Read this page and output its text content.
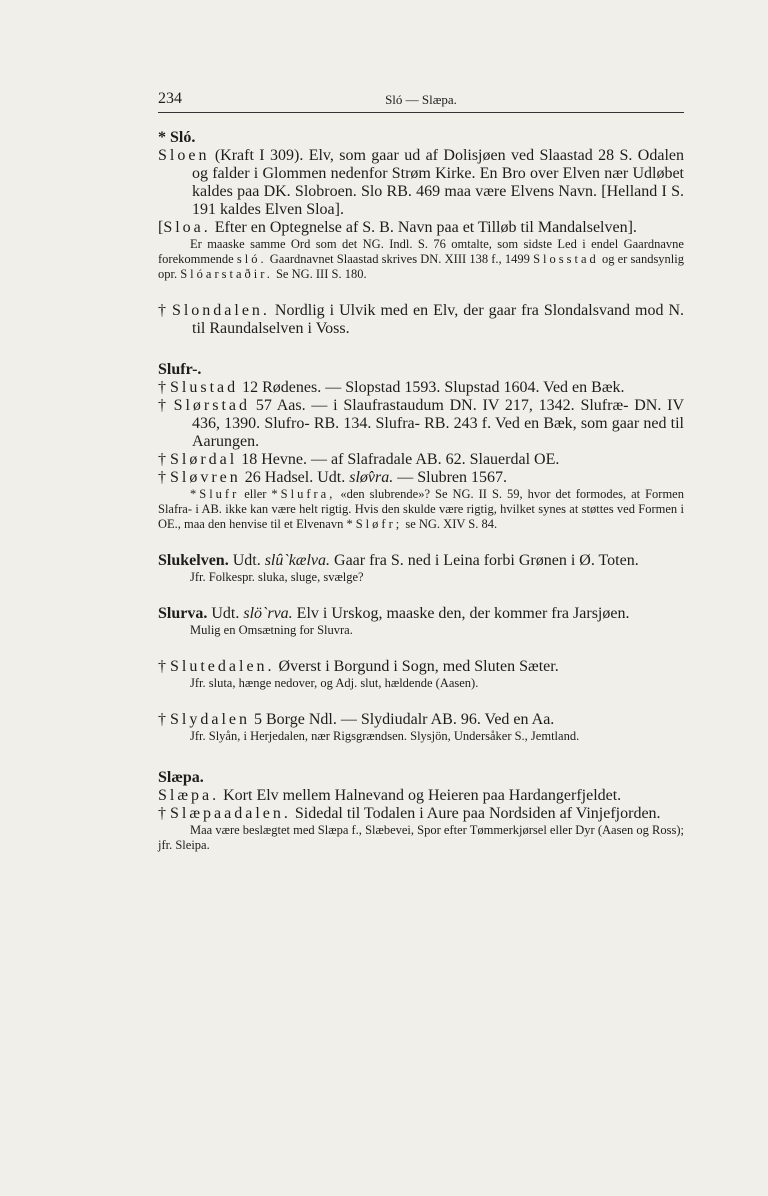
234	Sló — Slæpa.
* Sló.
Sloen (Kraft I 309). Elv, som gaar ud af Dolisjøen ved Slaastad 28 S. Odalen og falder i Glommen nedenfor Strøm Kirke. En Bro over Elven nær Udløbet kaldes paa DK. Slobroen. Slo RB. 469 maa være Elvens Navn. [Helland I S. 191 kaldes Elven Sloa].
[Sloa. Efter en Optegnelse af S. B. Navn paa et Tilløb til Mandalselven].
Er maaske samme Ord som det NG. Indl. S. 76 omtalte, som sidste Led i endel Gaardnavne forekommende sló. Gaardnavnet Slaastad skrives DN. XIII 138 f., 1499 Slosstad og er sandsynlig opr. Slóarstaðir. Se NG. III S. 180.
† Slondalen. Nordlig i Ulvik med en Elv, der gaar fra Slondalsvand mod N. til Raundalselven i Voss.
Slufr-.
† Slustad 12 Rødenes. — Slopstad 1593. Slupstad 1604. Ved en Bæk.
† Slørstad 57 Aas. — i Slaufrastaudum DN. IV 217, 1342. Slufræ- DN. IV 436, 1390. Slufro- RB. 134. Slufra- RB. 243 f. Ved en Bæk, som gaar ned til Aarungen.
† Slørdal 18 Hevne. — af Slafradale AB. 62. Slauerdal OE.
† Sløvren 26 Hadsel. Udt. slø̂vra. — Slubren 1567.
*Slufr eller *Slufra, «den slubrende»? Se NG. II S. 59, hvor det formodes, at Formen Slafra- i AB. ikke kan være helt rigtig. Hvis den skulde være rigtig, hvilket synes at støttes ved Formen i OE., maa den henvise til et Elvenavn *Sløfr; se NG. XIV S. 84.
Slukelven. Udt. slû`kælva. Gaar fra S. ned i Leina forbi Grønen i Ø. Toten.
Jfr. Folkespr. sluka, sluge, svælge?
Slurva. Udt. slö`rva. Elv i Urskog, maaske den, der kommer fra Jarsjøen.
Mulig en Omsætning for Sluvra.
† Slutedalen. Øverst i Borgund i Sogn, med Sluten Sæter.
Jfr. sluta, hænge nedover, og Adj. slut, hældende (Aasen).
† Slydalen 5 Borge Ndl. — Slydiudalr AB. 96. Ved en Aa.
Jfr. Slyån, i Herjedalen, nær Rigsgrændsen. Slysjön, Undersåker S., Jemtland.
Slæpa.
Slæpa. Kort Elv mellem Halnevand og Heieren paa Hardangerfjeldet.
† Slæpaadalen. Sidedal til Todalen i Aure paa Nordsiden af Vinjefjorden.
Maa være beslægtet med Slæpa f., Slæbevei, Spor efter Tømmerkjørsel eller Dyr (Aasen og Ross); jfr. Sleipa.
